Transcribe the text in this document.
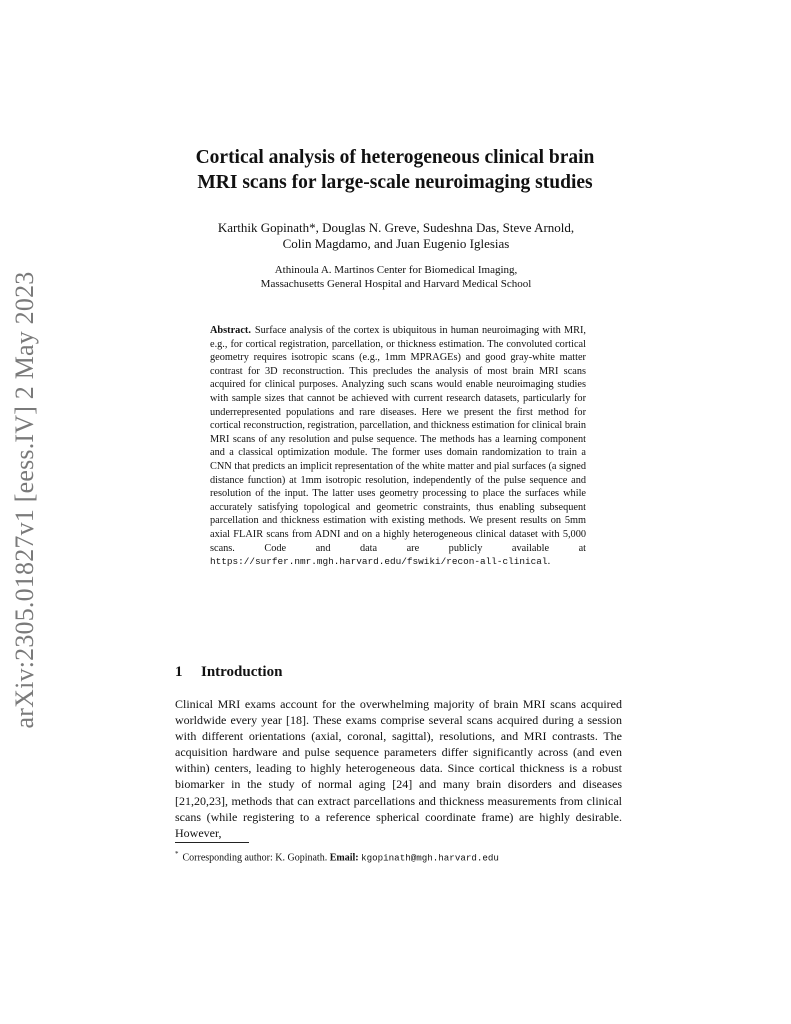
arXiv:2305.01827v1 [eess.IV] 2 May 2023
Cortical analysis of heterogeneous clinical brain
MRI scans for large-scale neuroimaging studies
Karthik Gopinath*, Douglas N. Greve, Sudeshna Das, Steve Arnold,
Colin Magdamo, and Juan Eugenio Iglesias
Athinoula A. Martinos Center for Biomedical Imaging,
Massachusetts General Hospital and Harvard Medical School

Abstract. Surface analysis of the cortex is ubiquitous in human neuroimaging with MRI, e.g., for cortical registration, parcellation, or thickness estimation. The convoluted cortical geometry requires isotropic scans (e.g., 1mm MPRAGEs) and good gray-white matter contrast for 3D reconstruction. This precludes the analysis of most brain MRI scans acquired for clinical purposes. Analyzing such scans would enable neuroimaging studies with sample sizes that cannot be achieved with current research datasets, particularly for underrepresented populations and rare diseases. Here we present the first method for cortical reconstruction, registration, parcellation, and thickness estimation for clinical brain MRI scans of any resolution and pulse sequence. The methods has a learning component and a classical optimization module. The former uses domain randomization to train a CNN that predicts an implicit representation of the white matter and pial surfaces (a signed distance function) at 1mm isotropic resolution, independently of the pulse sequence and resolution of the input. The latter uses geometry processing to place the surfaces while accurately satisfying topological and geometric constraints, thus enabling subsequent parcellation and thickness estimation with existing methods. We present results on 5mm axial FLAIR scans from ADNI and on a highly heterogeneous clinical dataset with 5,000 scans. Code and data are publicly available at https://surfer.nmr.mgh.harvard.edu/fswiki/recon-all-clinical.

1 Introduction

Clinical MRI exams account for the overwhelming majority of brain MRI scans acquired worldwide every year [18]. These exams comprise several scans acquired during a session with different orientations (axial, coronal, sagittal), resolutions, and MRI contrasts. The acquisition hardware and pulse sequence parameters differ significantly across (and even within) centers, leading to highly heterogeneous data. Since cortical thickness is a robust biomarker in the study of normal aging [24] and many brain disorders and diseases [21,20,23], methods that can extract parcellations and thickness measurements from clinical scans (while registering to a reference spherical coordinate frame) are highly desirable. However,

* Corresponding author: K. Gopinath. Email: kgopinath@mgh.harvard.edu
